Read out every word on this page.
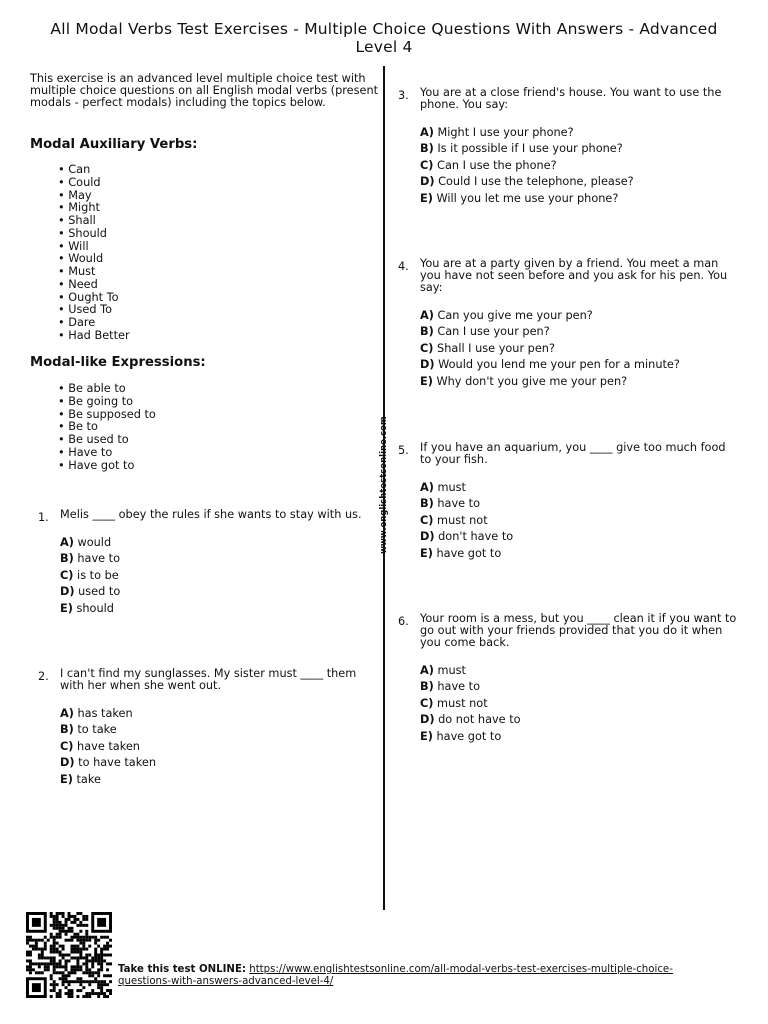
All Modal Verbs Test Exercises - Multiple Choice Questions With Answers - Advanced Level 4
This exercise is an advanced level multiple choice test with multiple choice questions on all English modal verbs (present modals - perfect modals) including the topics below.
Modal Auxiliary Verbs:
• Can
• Could
• May
• Might
• Shall
• Should
• Will
• Would
• Must
• Need
• Ought To
• Used To
• Dare
• Had Better
Modal-like Expressions:
• Be able to
• Be going to
• Be supposed to
• Be to
• Be used to
• Have to
• Have got to	www.englishtestsonline.com
1. Melis ____ obey the rules if she wants to stay with us.

A) would
B) have to
C) is to be
D) used to
E) should
2. I can't find my sunglasses. My sister must ____ them with her when she went out.

A) has taken
B) to take
C) have taken
D) to have taken
E) take
3. You are at a close friend's house. You want to use the phone. You say:

A) Might I use your phone?
B) Is it possible if I use your phone?
C) Can I use the phone?
D) Could I use the telephone, please?
E) Will you let me use your phone?
4. You are at a party given by a friend. You meet a man you have not seen before and you ask for his pen. You say:

A) Can you give me your pen?
B) Can I use your pen?
C) Shall I use your pen?
D) Would you lend me your pen for a minute?
E) Why don't you give me your pen?
5. If you have an aquarium, you ____ give too much food to your fish.

A) must
B) have to
C) must not
D) don't have to
E) have got to
6. Your room is a mess, but you ____ clean it if you want to go out with your friends provided that you do it when you come back.

A) must
B) have to
C) must not
D) do not have to
E) have got to
Take this test ONLINE: https://www.englishtestsonline.com/all-modal-verbs-test-exercises-multiple-choice-questions-with-answers-advanced-level-4/
